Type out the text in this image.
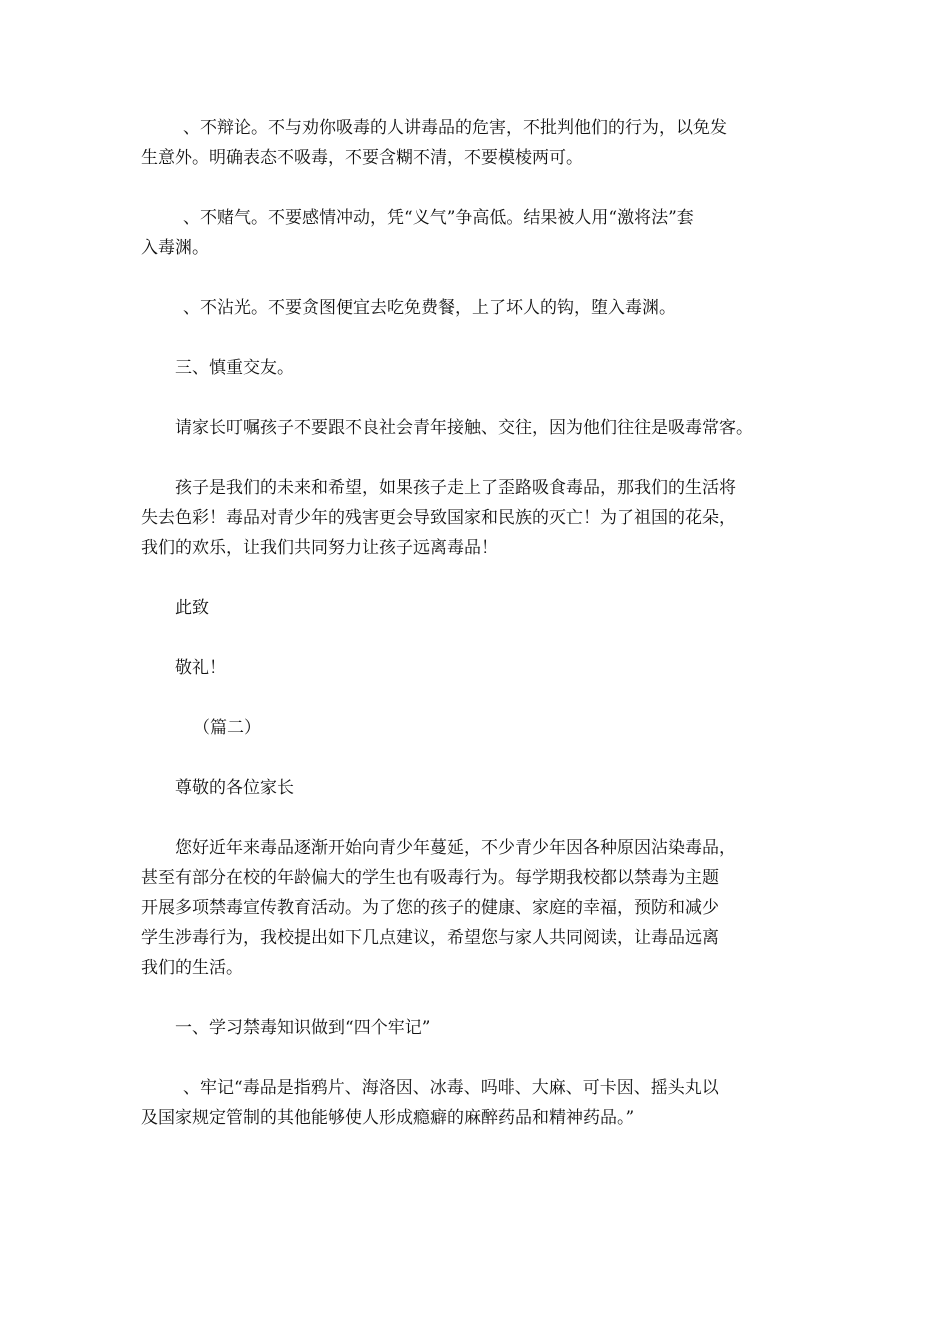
、不辩论。不与劝你吸毒的人讲毒品的危害，不批判他们的行为，以免发
生意外。明确表态不吸毒，不要含糊不清，不要模棱两可。
、不赌气。不要感情冲动，凭“义气”争高低。结果被人用“激将法”套
入毒渊。
、不沾光。不要贪图便宜去吃免费餐，上了坏人的钩，堕入毒渊。
三、慎重交友。
请家长叮嘱孩子不要跟不良社会青年接触、交往，因为他们往往是吸毒常客。
孩子是我们的未来和希望，如果孩子走上了歪路吸食毒品，那我们的生活将
失去色彩！毒品对青少年的残害更会导致国家和民族的灭亡！为了祖国的花朵，
我们的欢乐，让我们共同努力让孩子远离毒品！
此致
敬礼！
（篇二）
尊敬的各位家长
您好近年来毒品逐渐开始向青少年蔓延，不少青少年因各种原因沾染毒品，
甚至有部分在校的年龄偏大的学生也有吸毒行为。每学期我校都以禁毒为主题
开展多项禁毒宣传教育活动。为了您的孩子的健康、家庭的幸福，预防和减少
学生涉毒行为，我校提出如下几点建议，希望您与家人共同阅读，让毒品远离
我们的生活。
一、学习禁毒知识做到“四个牢记”
、牢记“毒品是指鸦片、海洛因、冰毒、吗啡、大麻、可卡因、摇头丸以
及国家规定管制的其他能够使人形成瘾癖的麻醉药品和精神药品。”
